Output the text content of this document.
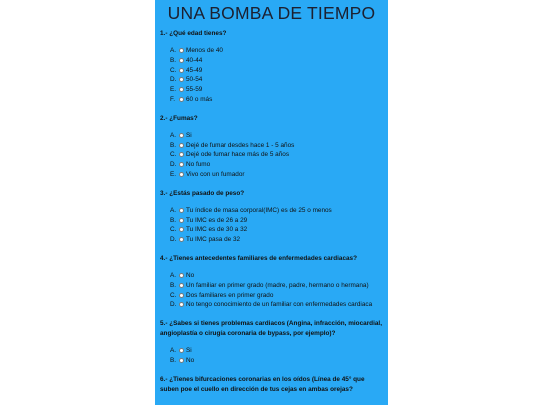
UNA BOMBA DE TIEMPO
1.- ¿Qué edad tienes?
A.	Menos de 40
B.	40-44
C.	45-49
D.	50-54
E.	55-59
F.	60 o más
2.- ¿Fumas?
A.	Si
B.	Dejé de fumar desdes hace 1 - 5 años
C.	Dejé ode fumar hace más de 5 años
D.	No fumo
E.	Vivo con un fumador
3.- ¿Estás pasado de peso?
A.	Tu índice de masa corporal(IMC) es de 25 o menos
B.	Tu IMC es de 26 a 29
C.	Tu IMC es de 30 a 32
D.	Tu IMC pasa de 32
4.- ¿Tienes antecedentes familiares de enfermedades cardiacas?
A.	No
B.	Un familiar en primer grado (madre, padre, hermano o hermana)
C.	Dos familiares en primer grado
D.	No tengo conocimiento de un familiar con enfermedades cardiaca
5.- ¿Sabes si tienes problemas cardiacos (Angina, infracción, miocardial, angioplastía o cirugía coronaria de bypass, por ejemplo)?
A.	Si
B.	No
6.- ¿Tienes bifurcaciones coronarias en los oídos (Línea de 45° que suben poe el cuello en dirección de tus cejas en ambas orejas?
